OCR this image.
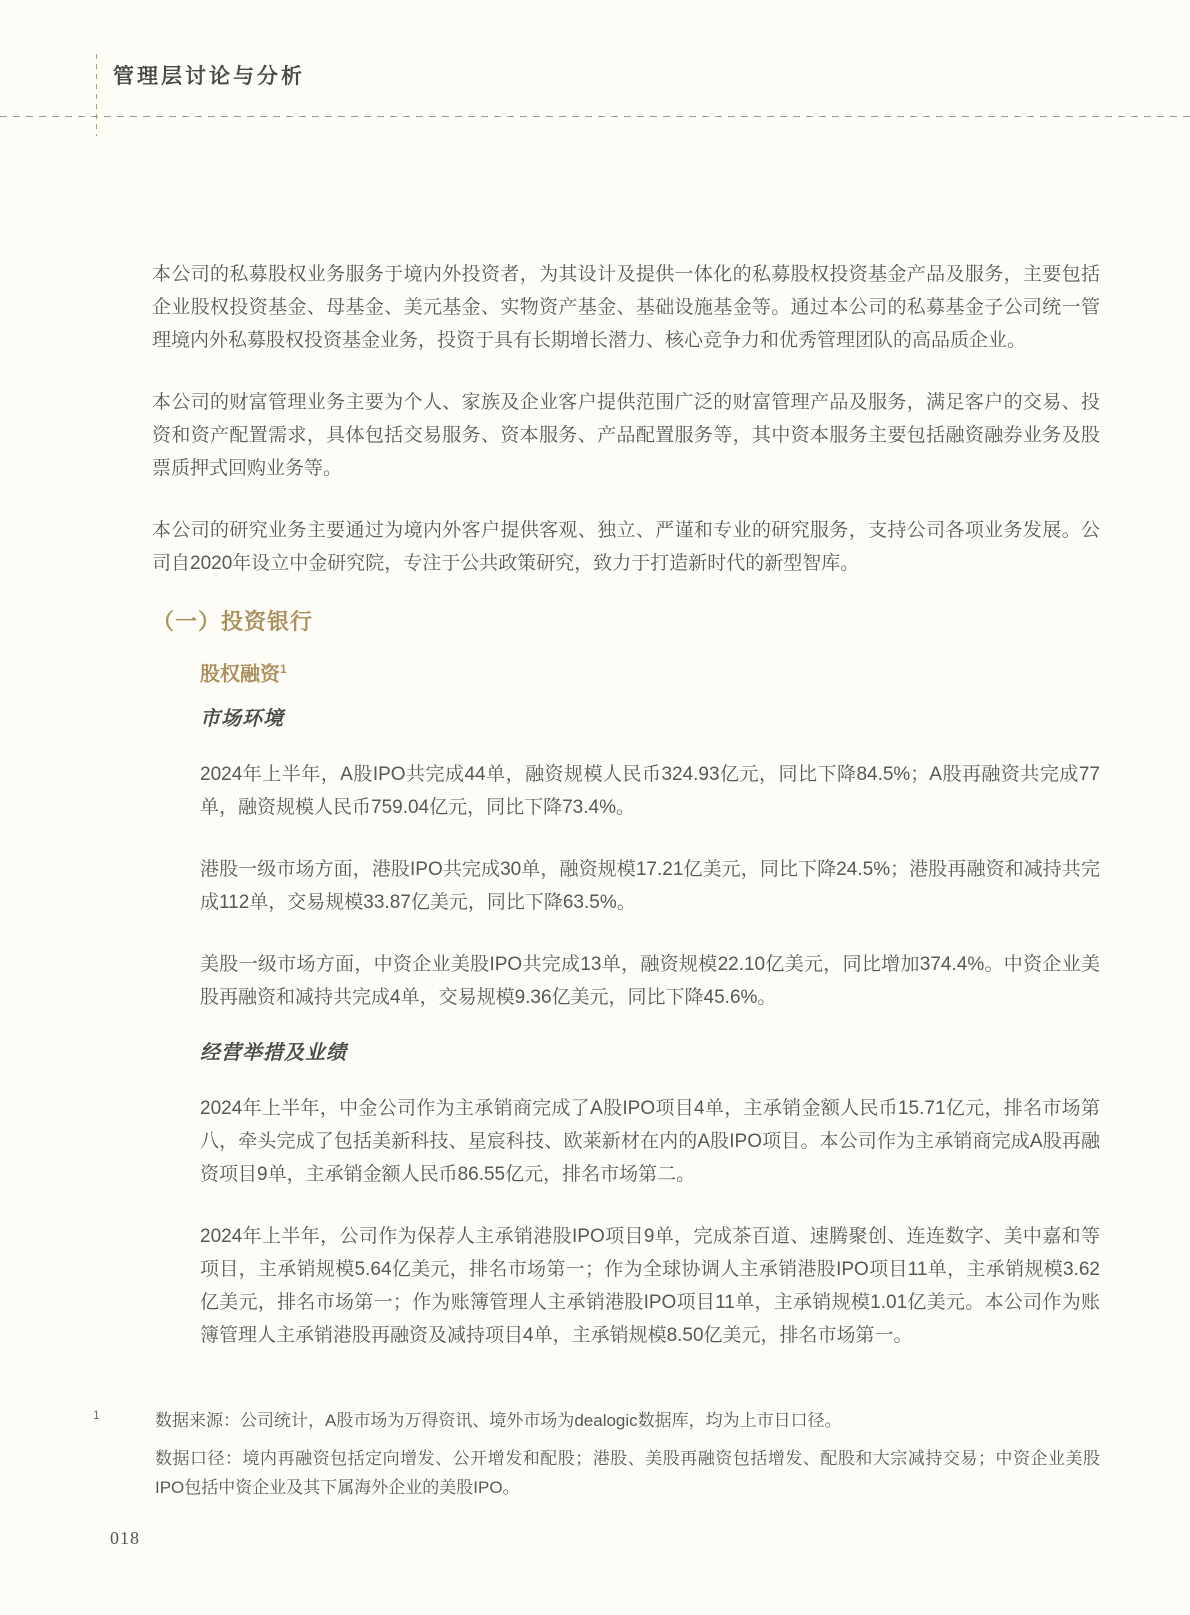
管理层讨论与分析

本公司的私募股权业务服务于境内外投资者，为其设计及提供一体化的私募股权投资基金产品及服务，主要包括企业股权投资基金、母基金、美元基金、实物资产基金、基础设施基金等。通过本公司的私募基金子公司统一管理境内外私募股权投资基金业务，投资于具有长期增长潜力、核心竞争力和优秀管理团队的高品质企业。

本公司的财富管理业务主要为个人、家族及企业客户提供范围广泛的财富管理产品及服务，满足客户的交易、投资和资产配置需求，具体包括交易服务、资本服务、产品配置服务等，其中资本服务主要包括融资融券业务及股票质押式回购业务等。

本公司的研究业务主要通过为境内外客户提供客观、独立、严谨和专业的研究服务，支持公司各项业务发展。公司自2020年设立中金研究院，专注于公共政策研究，致力于打造新时代的新型智库。

（一）投资银行
股权融资$^1$
市场环境

2024年上半年，A股IPO共完成44单，融资规模人民币324.93亿元，同比下降84.5%；A股再融资共完成77单，融资规模人民币759.04亿元，同比下降73.4%。

港股一级市场方面，港股IPO共完成30单，融资规模17.21亿美元，同比下降24.5%；港股再融资和减持共完成112单，交易规模33.87亿美元，同比下降63.5%。

美股一级市场方面，中资企业美股IPO共完成13单，融资规模22.10亿美元，同比增加374.4%。中资企业美股再融资和减持共完成4单，交易规模9.36亿美元，同比下降45.6%。

经营举措及业绩

2024年上半年，中金公司作为主承销商完成了A股IPO项目4单，主承销金额人民币15.71亿元，排名市场第八，牵头完成了包括美新科技、星宸科技、欧莱新材在内的A股IPO项目。本公司作为主承销商完成A股再融资项目9单，主承销金额人民币86.55亿元，排名市场第二。

2024年上半年，公司作为保荐人主承销港股IPO项目9单，完成茶百道、速腾聚创、连连数字、美中嘉和等项目，主承销规模5.64亿美元，排名市场第一；作为全球协调人主承销港股IPO项目11单，主承销规模3.62亿美元，排名市场第一；作为账簿管理人主承销港股IPO项目11单，主承销规模1.01亿美元。本公司作为账簿管理人主承销港股再融资及减持项目4单，主承销规模8.50亿美元，排名市场第一。

1	数据来源：公司统计，A股市场为万得资讯、境外市场为dealogic数据库，均为上市日口径。

数据口径：境内再融资包括定向增发、公开增发和配股；港股、美股再融资包括增发、配股和大宗减持交易；中资企业美股IPO包括中资企业及其下属海外企业的美股IPO。

018
